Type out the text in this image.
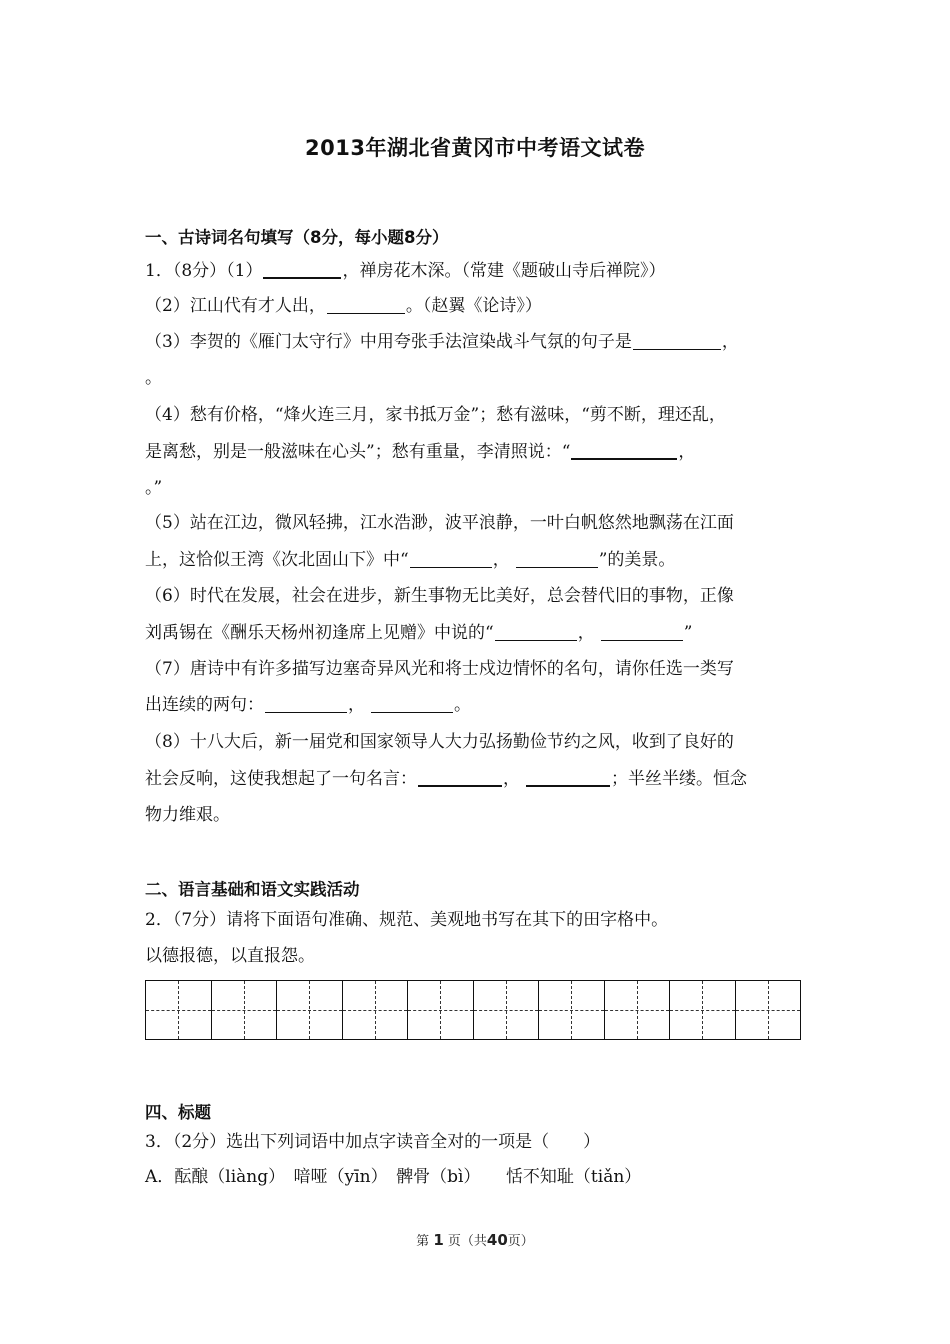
2013年湖北省黄冈市中考语文试卷
一、古诗词名句填写（8分，每小题8分）
1．（8分）（1）	，禅房花木深。（常建《题破山寺后禅院》）
（2）江山代有才人出，	。（赵翼《论诗》）
（3）李贺的《雁门太守行》中用夸张手法渲染战斗气氛的句子是	，
。
（4）愁有价格，“烽火连三月，家书抵万金”；愁有滋味，“剪不断，理还乱，
是离愁，别是一般滋味在心头”；愁有重量，李清照说：“	，
。”
（5）站在江边，微风轻拂，江水浩渺，波平浪静，一叶白帆悠然地飘荡在江面
上，这恰似王湾《次北固山下》中“	，	”的美景。
（6）时代在发展，社会在进步，新生事物无比美好，总会替代旧的事物，正像
刘禹锡在《酬乐天杨州初逢席上见赠》中说的“	，	”
（7）唐诗中有许多描写边塞奇异风光和将士戍边情怀的名句，请你任选一类写
出连续的两句：	，	。
（8）十八大后，新一届党和国家领导人大力弘扬勤俭节约之风，收到了良好的
社会反响，这使我想起了一句名言：	，	；半丝半缕。恒念
物力维艰。
二、语言基础和语文实践活动
2．（7分）请将下面语句准确、规范、美观地书写在其下的田字格中。
以德报德，以直报怨。
四、标题
3．（2分）选出下列词语中加点字读音全对的一项是（　　）
A．酝酿（liàng）　喑哑（yīn）　髀骨（bì）　　恬不知耻（tiǎn）
第 1 页（共40页）
